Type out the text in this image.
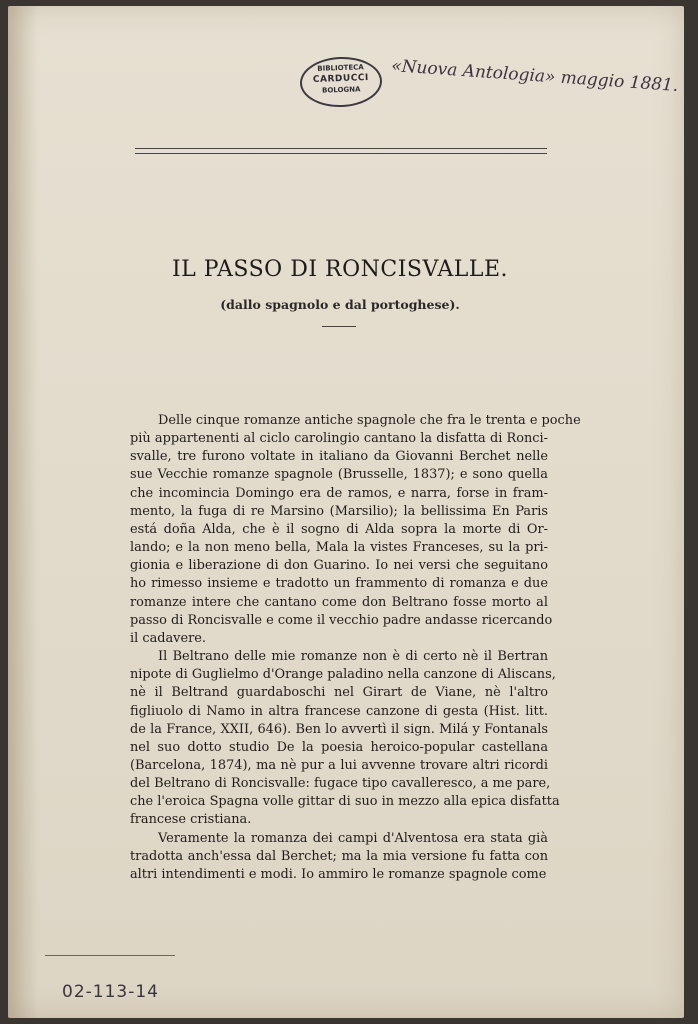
BIBLIOTECA
CARDUCCI
BOLOGNA	«Nuova Antologia» maggio 1881.
IL PASSO DI RONCISVALLE.
(dallo spagnolo e dal portoghese).
Delle cinque romanze antiche spagnole che fra le trenta e poche
più appartenenti al ciclo carolingio cantano la disfatta di Ronci-
svalle, tre furono voltate in italiano da Giovanni Berchet nelle
sue Vecchie romanze spagnole (Brusselle, 1837); e sono quella
che incomincia Domingo era de ramos, e narra, forse in fram-
mento, la fuga di re Marsino (Marsilio); la bellissima En Paris
está doña Alda, che è il sogno di Alda sopra la morte di Or-
lando; e la non meno bella, Mala la vistes Franceses, su la pri-
gionia e liberazione di don Guarino. Io nei versi che seguitano
ho rimesso insieme e tradotto un frammento di romanza e due
romanze intere che cantano come don Beltrano fosse morto al
passo di Roncisvalle e come il vecchio padre andasse ricercando
il cadavere.
Il Beltrano delle mie romanze non è di certo nè il Bertran
nipote di Guglielmo d'Orange paladino nella canzone di Aliscans,
nè il Beltrand guardaboschi nel Girart de Viane, nè l'altro
figliuolo di Namo in altra francese canzone di gesta (Hist. litt.
de la France, XXII, 646). Ben lo avvertì il sign. Milá y Fontanals
nel suo dotto studio De la poesia heroico-popular castellana
(Barcelona, 1874), ma nè pur a lui avvenne trovare altri ricordi
del Beltrano di Roncisvalle: fugace tipo cavalleresco, a me pare,
che l'eroica Spagna volle gittar di suo in mezzo alla epica disfatta
francese cristiana.
Veramente la romanza dei campi d'Alventosa era stata già
tradotta anch'essa dal Berchet; ma la mia versione fu fatta con
altri intendimenti e modi. Io ammiro le romanze spagnole come
02-113-14
